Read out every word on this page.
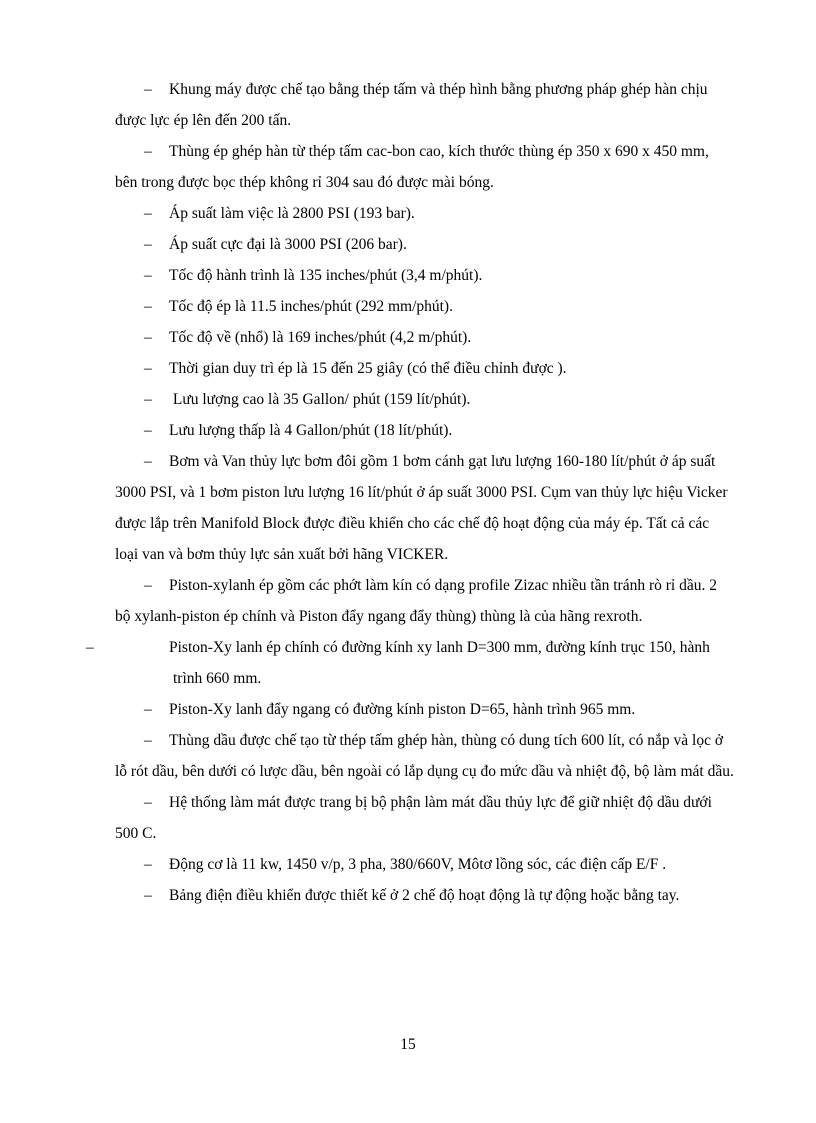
– Khung máy được chế tạo bằng thép tấm và thép hình bằng phương pháp ghép hàn chịu được lực ép lên đến 200 tấn.

– Thùng ép ghép hàn từ thép tấm cac-bon cao, kích thước thùng ép 350 x 690 x 450 mm, bên trong được bọc thép không rỉ 304 sau đó được mài bóng.

– Áp suất làm việc là 2800 PSI (193 bar).

– Áp suất cực đại là 3000 PSI (206 bar).

– Tốc độ hành trình là 135 inches/phút (3,4 m/phút).

– Tốc độ ép là 11.5 inches/phút (292 mm/phút).

– Tốc độ về (nhổ) là 169 inches/phút (4,2 m/phút).

– Thời gian duy trì ép là 15 đến 25 giây (có thể điều chỉnh được ).

– Lưu lượng cao là 35 Gallon/ phút (159 lít/phút).

– Lưu lượng thấp là 4 Gallon/phút (18 lít/phút).

– Bơm và Van thủy lực bơm đôi gồm 1 bơm cánh gạt lưu lượng 160-180 lít/phút ở áp suất 3000 PSI, và 1 bơm piston lưu lượng 16 lít/phút ở áp suất 3000 PSI. Cụm van thủy lực hiệu Vicker được lắp trên Manifold Block được điều khiển cho các chế độ hoạt động của máy ép. Tất cả các loại van và bơm thủy lực sản xuất bởi hãng VICKER.

– Piston-xylanh ép gồm các phớt làm kín có dạng profile Zizac nhiều tần tránh rò rỉ dầu. 2 bộ xylanh-piston ép chính và Piston đẩy ngang đẩy thùng) thùng là của hãng rexroth.

–	Piston-Xy lanh ép chính có đường kính xy lanh D=300 mm, đường kính trục 150, hành trình 660 mm.

– Piston-Xy lanh đẩy ngang có đường kính piston D=65, hành trình 965 mm.

– Thùng dầu được chế tạo từ thép tấm ghép hàn, thùng có dung tích 600 lít, có nắp và lọc ở lỗ rót dầu, bên dưới có lược dầu, bên ngoài có lắp dụng cụ đo mức dầu và nhiệt độ, bộ làm mát dầu.

– Hệ thống làm mát được trang bị bộ phận làm mát dầu thủy lực để giữ nhiệt độ dầu dưới 500 C.

– Động cơ là 11 kw, 1450 v/p, 3 pha, 380/660V, Môtơ lồng sóc, các điện cấp E/F .

– Bảng điện điều khiển được thiết kế ở 2 chế độ hoạt động là tự động hoặc bằng tay.

15
